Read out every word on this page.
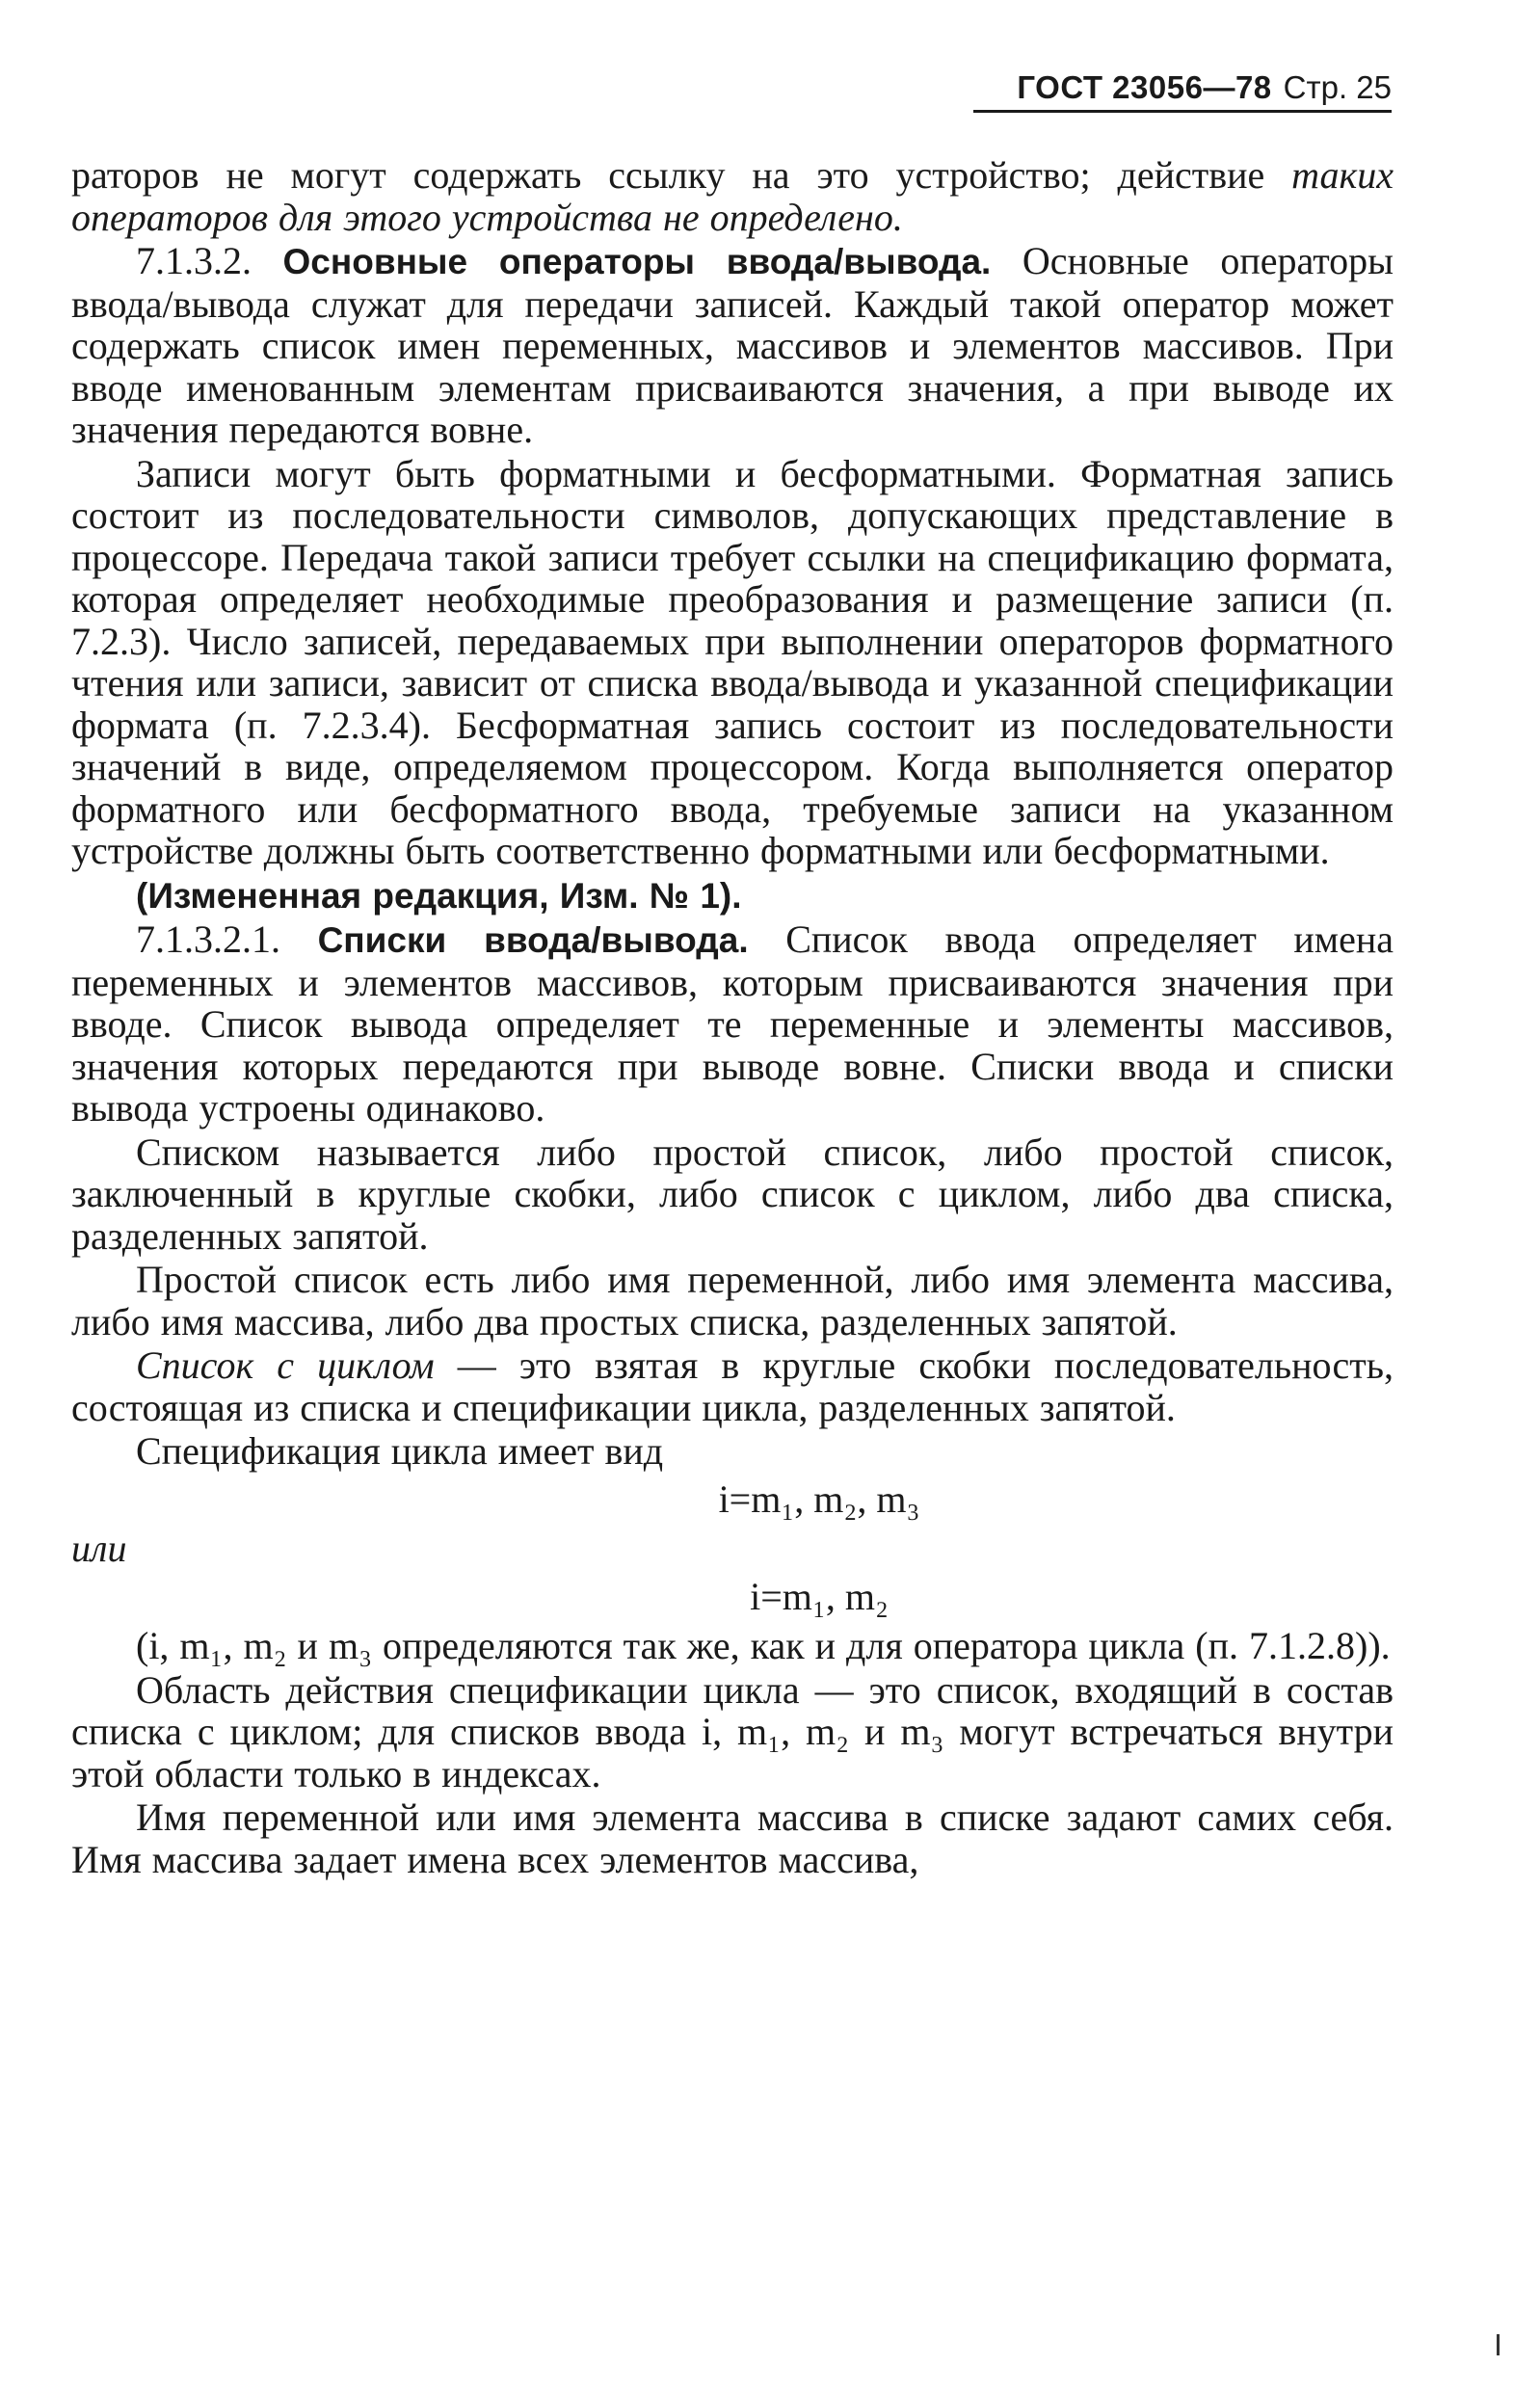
ГОСТ 23056—78 Стр. 25

раторов не могут содержать ссылку на это устройство; действие таких операторов для этого устройства не определено.

7.1.3.2. Основные операторы ввода/вывода. Основные операторы ввода/вывода служат для передачи записей. Каждый такой оператор может содержать список имен переменных, массивов и элементов массивов. При вводе именованным элементам присваиваются значения, а при выводе их значения передаются вовне.

Записи могут быть форматными и бесформатными. Форматная запись состоит из последовательности символов, допускающих представление в процессоре. Передача такой записи требует ссылки на спецификацию формата, которая определяет необходимые преобразования и размещение записи (п. 7.2.3). Число записей, передаваемых при выполнении операторов форматного чтения или записи, зависит от списка ввода/вывода и указанной спецификации формата (п. 7.2.3.4). Бесформатная запись состоит из последовательности значений в виде, определяемом процессором. Когда выполняется оператор форматного или бесформатного ввода, требуемые записи на указанном устройстве должны быть соответственно форматными или бесформатными.

(Измененная редакция, Изм. № 1).

7.1.3.2.1. Списки ввода/вывода. Список ввода определяет имена переменных и элементов массивов, которым присваиваются значения при вводе. Список вывода определяет те переменные и элементы массивов, значения которых передаются при выводе вовне. Списки ввода и списки вывода устроены одинаково.

Списком называется либо простой список, либо простой список, заключенный в круглые скобки, либо список с циклом, либо два списка, разделенных запятой.

Простой список есть либо имя переменной, либо имя элемента массива, либо имя массива, либо два простых списка, разделенных запятой.

Список с циклом — это взятая в круглые скобки последовательность, состоящая из списка и спецификации цикла, разделенных запятой.

Спецификация цикла имеет вид

i=m₁, m₂, m₃

или

i=m₁, m₂

(i, m₁, m₂ и m₃ определяются так же, как и для оператора цикла (п. 7.1.2.8)).

Область действия спецификации цикла — это список, входящий в состав списка с циклом; для списков ввода i, m₁, m₂ и m₃ могут встречаться внутри этой области только в индексах.

Имя переменной или имя элемента массива в списке задают самих себя. Имя массива задает имена всех элементов массива,
